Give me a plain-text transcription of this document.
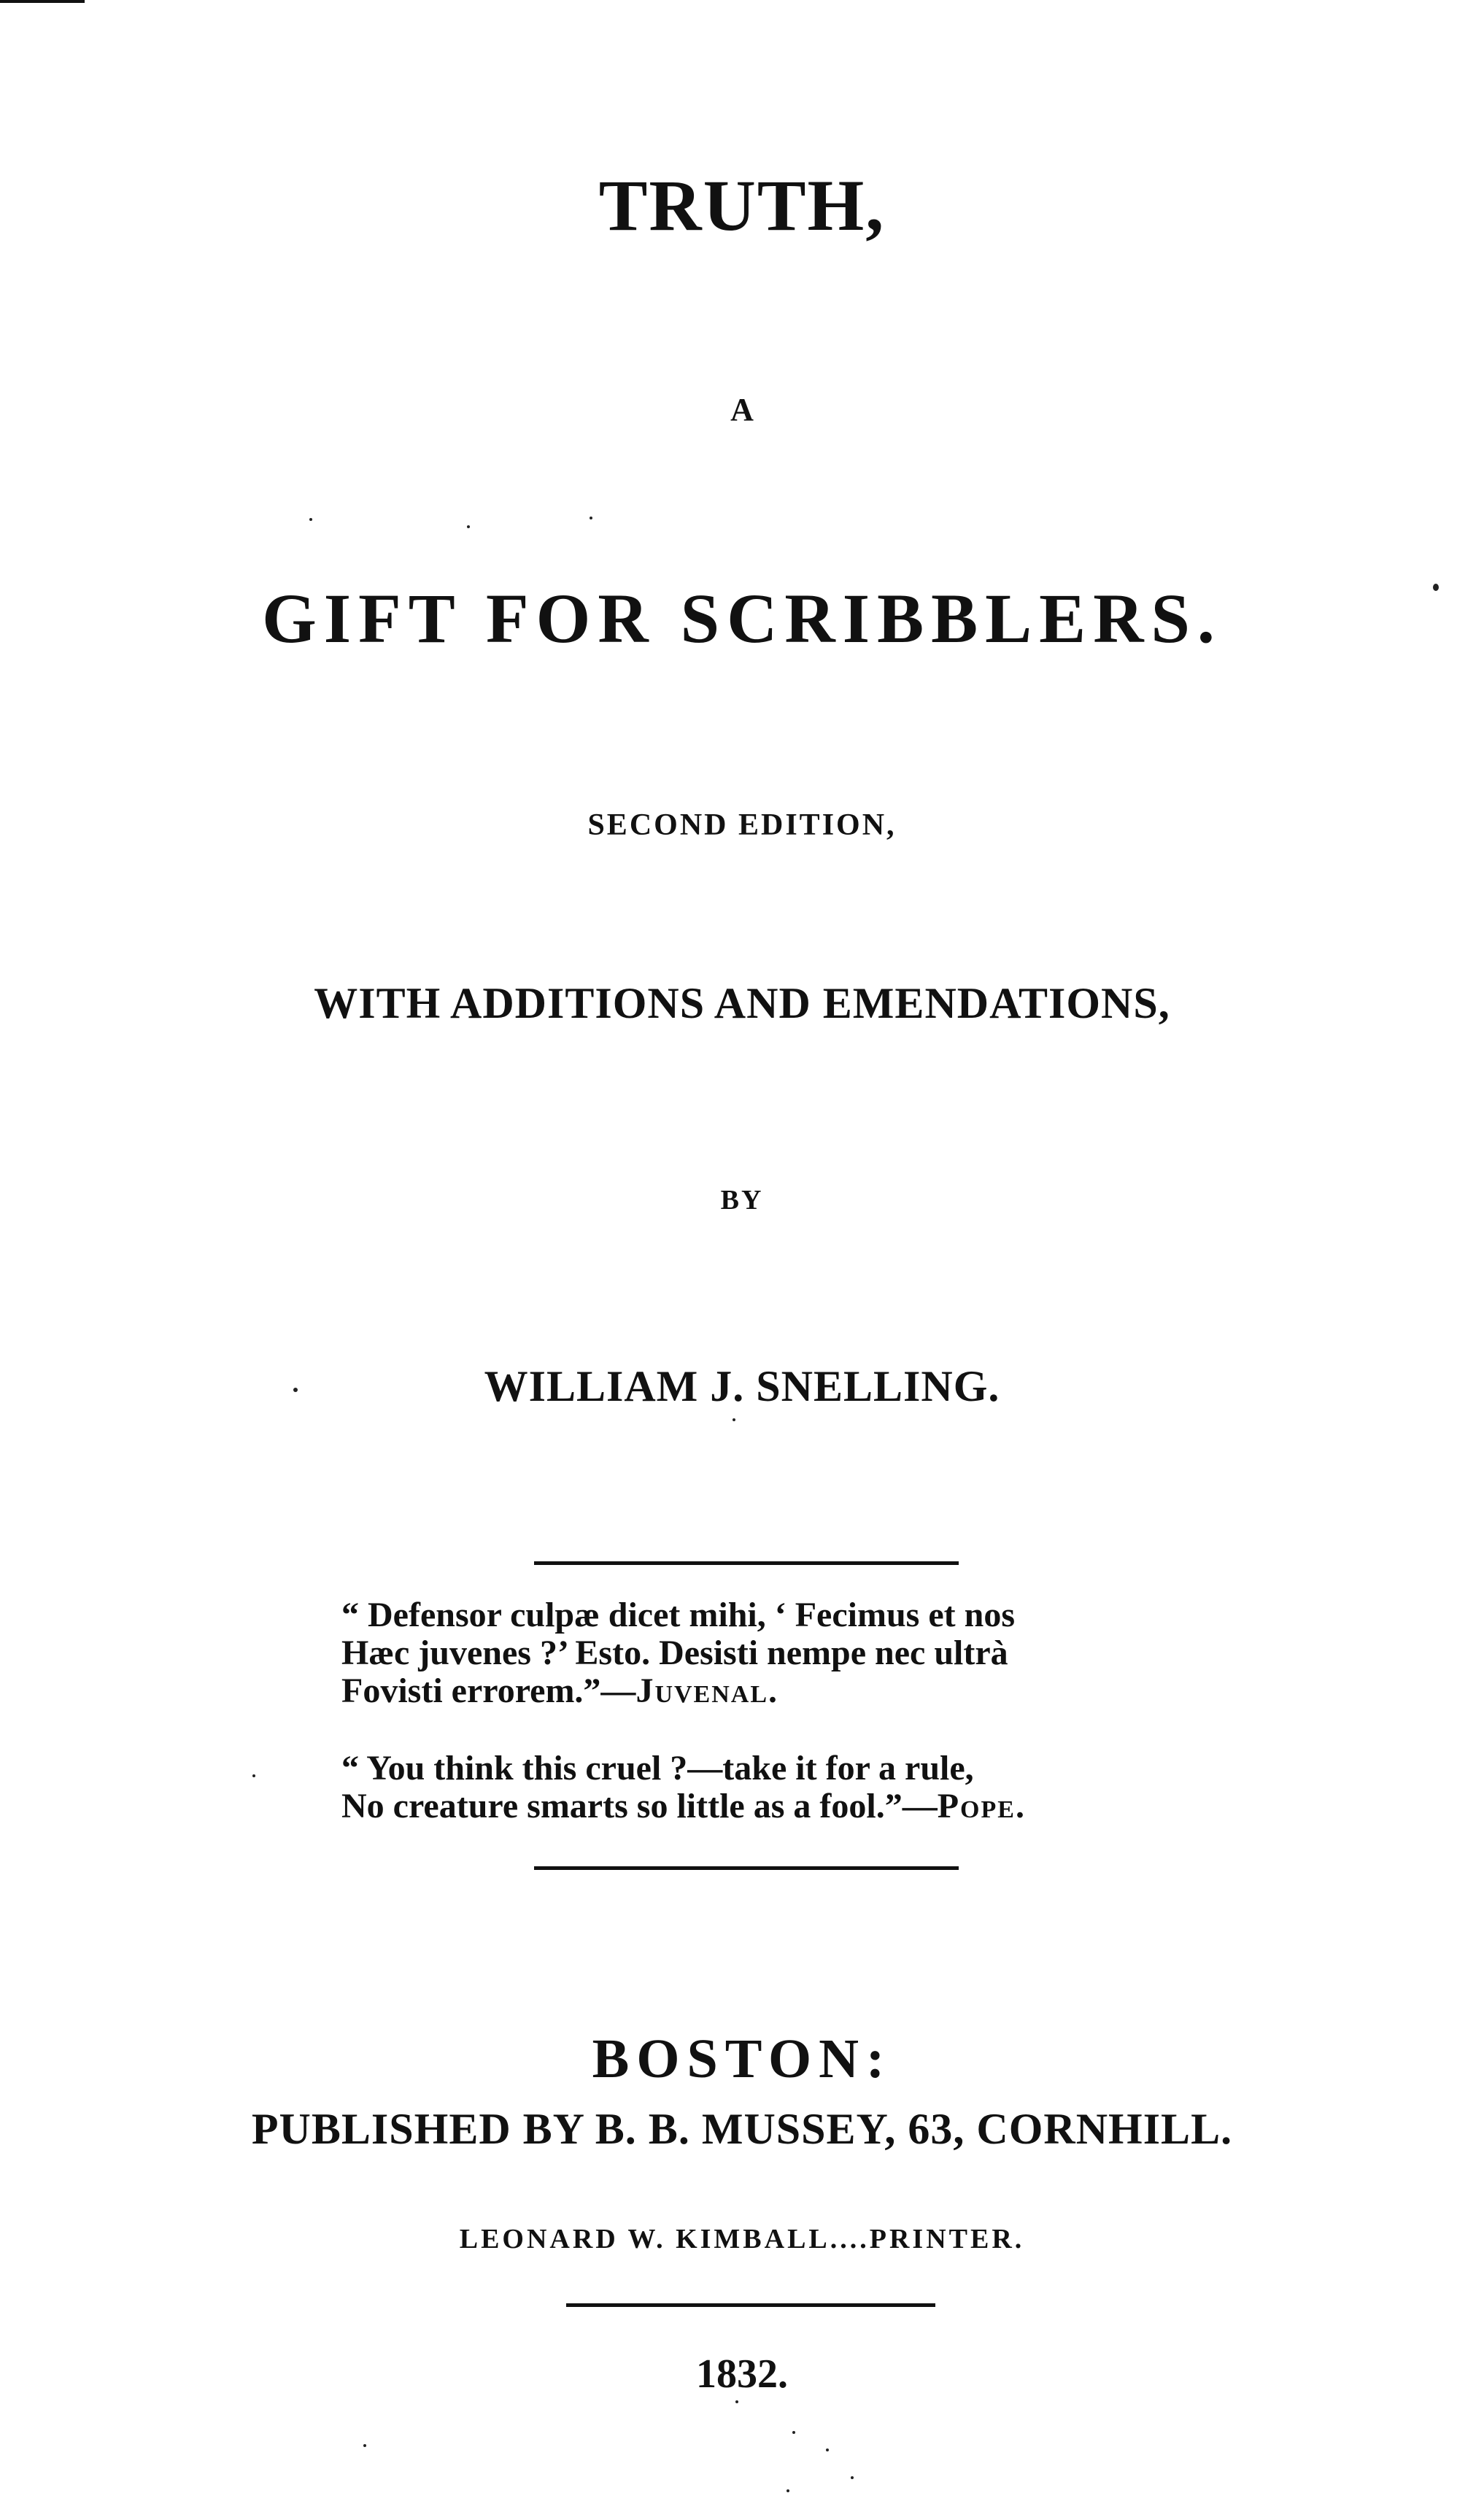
TRUTH,
A
GIFT FOR SCRIBBLERS.
SECOND EDITION,
WITH ADDITIONS AND EMENDATIONS,
BY
WILLIAM J. SNELLING.
“ Defensor culpæ dicet mihi, ‘ Fecimus et nos
Hæc juvenes ?’ Esto. Desisti nempe nec ultrà
Fovisti errorem.”—Juvenal.
“ You think this cruel ?—take it for a rule,
No creature smarts so little as a fool.”—Pope.
BOSTON:
PUBLISHED BY B. B. MUSSEY, 63, CORNHILL.
LEONARD W. KIMBALL....PRINTER.
1832.
